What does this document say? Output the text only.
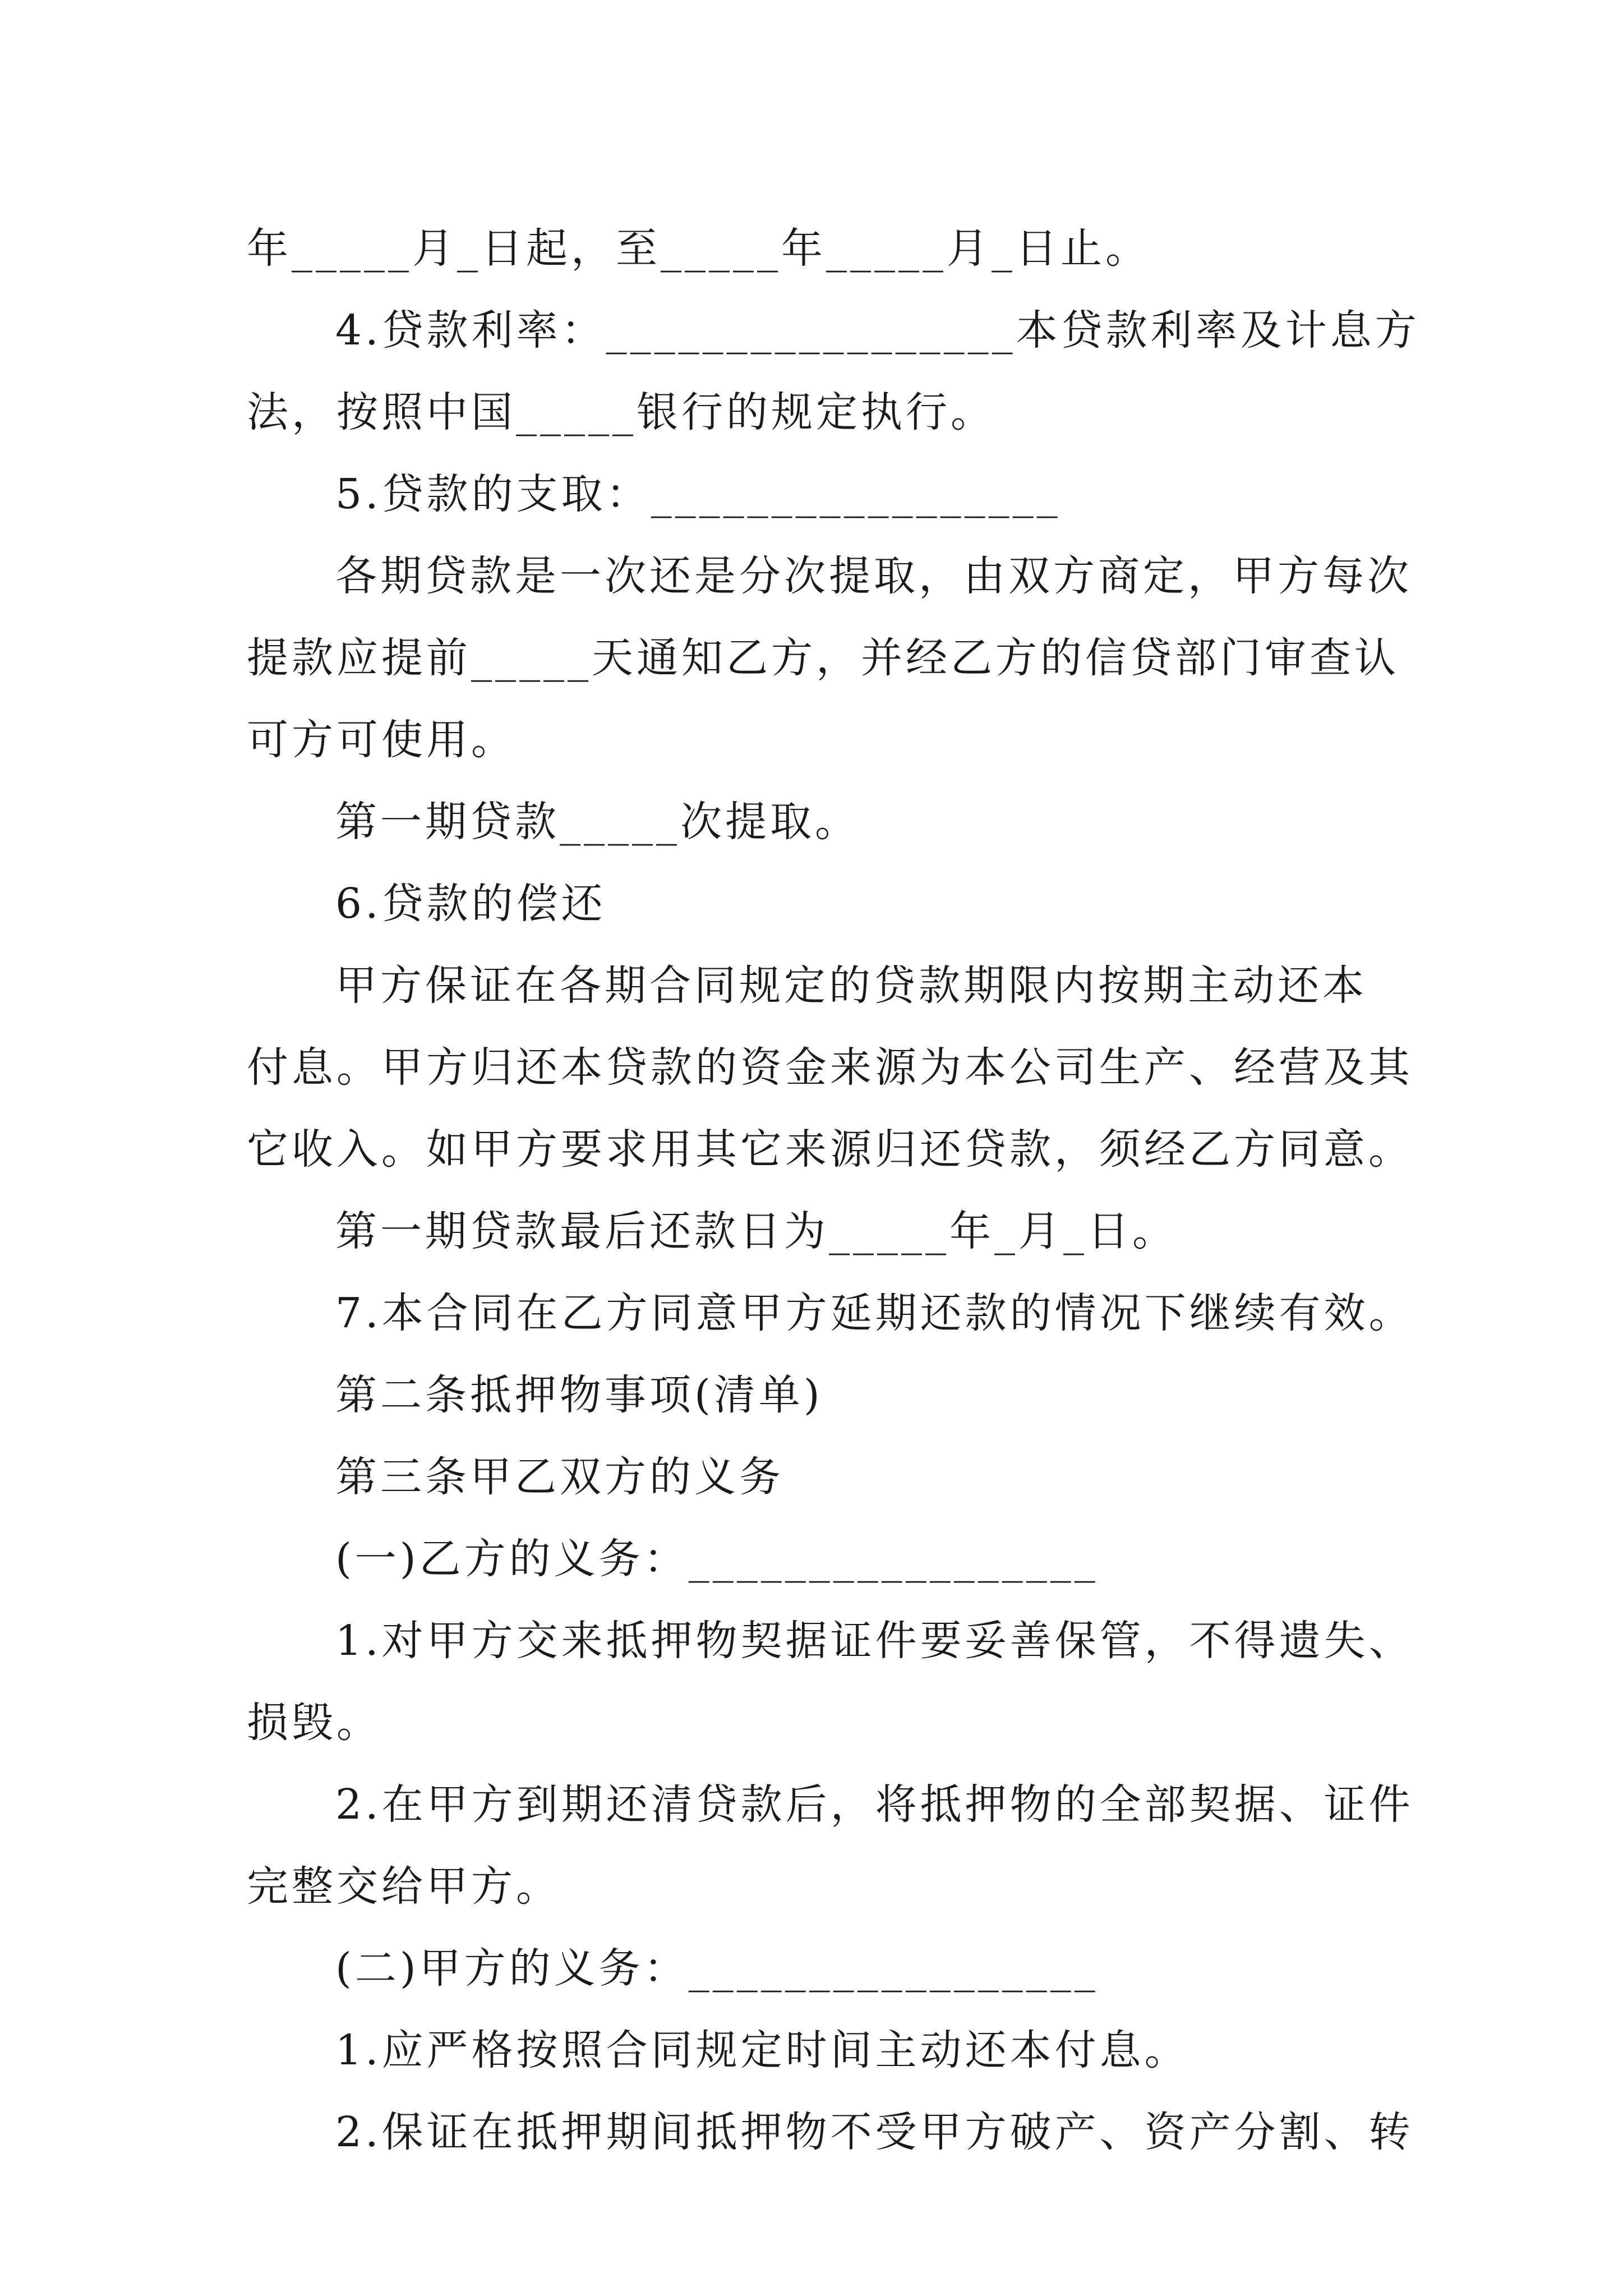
年_____月_日起，至_____年_____月_日止。
4.贷款利率：_________________本贷款利率及计息方
法，按照中国_____银行的规定执行。
5.贷款的支取：_________________
各期贷款是一次还是分次提取，由双方商定，甲方每次
提款应提前_____天通知乙方，并经乙方的信贷部门审查认
可方可使用。
第一期贷款_____次提取。
6.贷款的偿还
甲方保证在各期合同规定的贷款期限内按期主动还本
付息。甲方归还本贷款的资金来源为本公司生产、经营及其
它收入。如甲方要求用其它来源归还贷款，须经乙方同意。
第一期贷款最后还款日为_____年_月_日。
7.本合同在乙方同意甲方延期还款的情况下继续有效。
第二条抵押物事项(清单)
第三条甲乙双方的义务
(一)乙方的义务：_________________
1.对甲方交来抵押物契据证件要妥善保管，不得遗失、
损毁。
2.在甲方到期还清贷款后，将抵押物的全部契据、证件
完整交给甲方。
(二)甲方的义务：_________________
1.应严格按照合同规定时间主动还本付息。
2.保证在抵押期间抵押物不受甲方破产、资产分割、转
